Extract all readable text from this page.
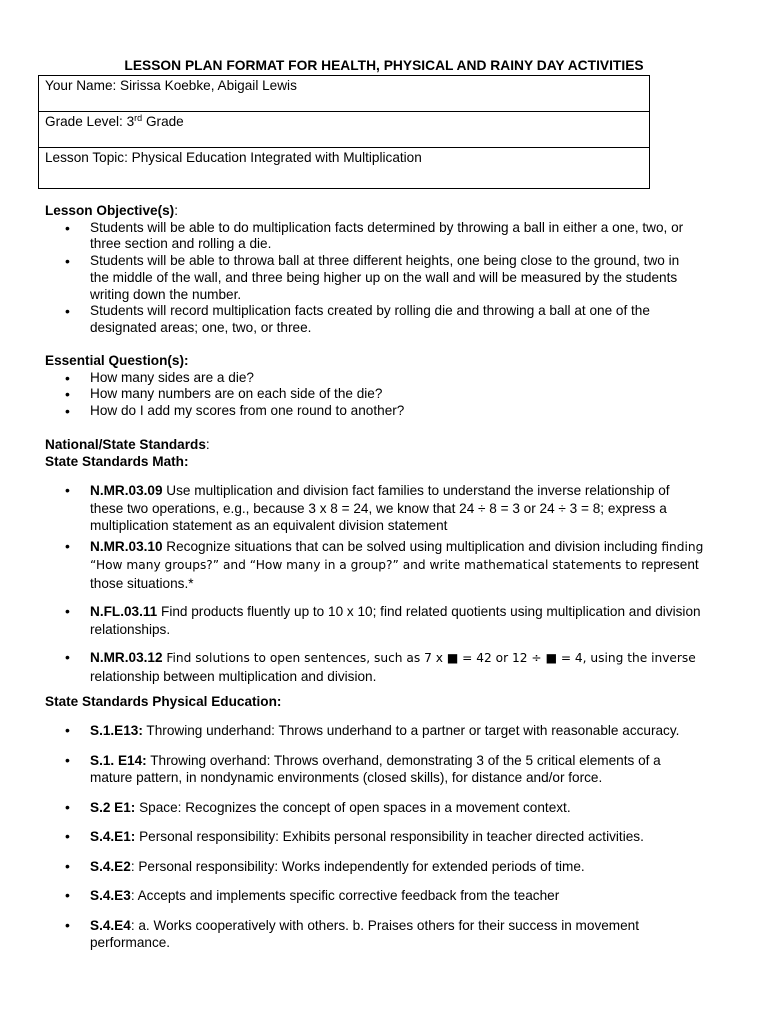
LESSON PLAN FORMAT FOR HEALTH, PHYSICAL AND RAINY DAY ACTIVITIES
Your Name: Sirissa Koebke, Abigail Lewis
Grade Level: 3rd Grade
Lesson Topic: Physical Education Integrated with Multiplication
Lesson Objective(s):
• Students will be able to do multiplication facts determined by throwing a ball in either a one, two, or three section and rolling a die.
• Students will be able to throwa ball at three different heights, one being close to the ground, two in the middle of the wall, and three being higher up on the wall and will be measured by the students writing down the number.
• Students will record multiplication facts created by rolling die and throwing a ball at one of the designated areas; one, two, or three.
Essential Question(s):
• How many sides are a die?
• How many numbers are on each side of the die?
• How do I add my scores from one round to another?
National/State Standards:
State Standards Math:
• N.MR.03.09 Use multiplication and division fact families to understand the inverse relationship of these two operations, e.g., because 3 x 8 = 24, we know that 24 ÷ 8 = 3 or 24 ÷ 3 = 8; express a multiplication statement as an equivalent division statement
• N.MR.03.10 Recognize situations that can be solved using multiplication and division including finding “How many groups?” and “How many in a group?” and write mathematical statements to represent those situations.*
• N.FL.03.11 Find products fluently up to 10 x 10; find related quotients using multiplication and division relationships.
• N.MR.03.12 Find solutions to open sentences, such as 7 x ■ = 42 or 12 ÷ ■ = 4, using the inverse relationship between multiplication and division.
State Standards Physical Education:
• S.1.E13: Throwing underhand: Throws underhand to a partner or target with reasonable accuracy.
• S.1. E14: Throwing overhand: Throws overhand, demonstrating 3 of the 5 critical elements of a mature pattern, in nondynamic environments (closed skills), for distance and/or force.
• S.2 E1: Space: Recognizes the concept of open spaces in a movement context.
• S.4.E1: Personal responsibility: Exhibits personal responsibility in teacher directed activities.
• S.4.E2: Personal responsibility: Works independently for extended periods of time.
• S.4.E3: Accepts and implements specific corrective feedback from the teacher
• S.4.E4: a. Works cooperatively with others. b. Praises others for their success in movement performance.
